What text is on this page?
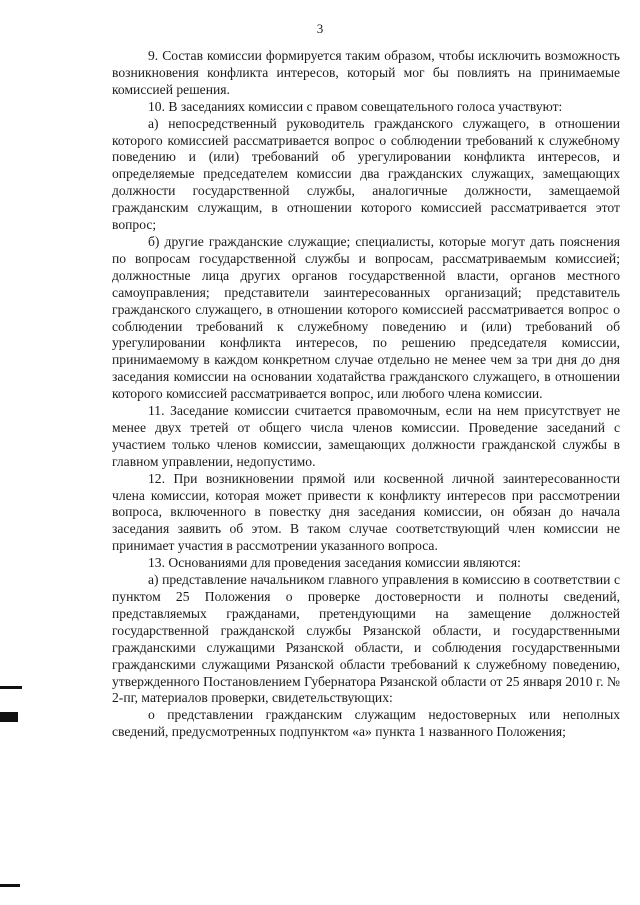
3

9. Состав комиссии формируется таким образом, чтобы исключить возможность возникновения конфликта интересов, который мог бы повлиять на принимаемые комиссией решения.

10. В заседаниях комиссии с правом совещательного голоса участвуют:

а) непосредственный руководитель гражданского служащего, в отношении которого комиссией рассматривается вопрос о соблюдении требований к служебному поведению и (или) требований об урегулировании конфликта интересов, и определяемые председателем комиссии два гражданских служащих, замещающих должности государственной службы, аналогичные должности, замещаемой гражданским служащим, в отношении которого комиссией рассматривается этот вопрос;

б) другие гражданские служащие; специалисты, которые могут дать пояснения по вопросам государственной службы и вопросам, рассматриваемым комиссией; должностные лица других органов государственной власти, органов местного самоуправления; представители заинтересованных организаций; представитель гражданского служащего, в отношении которого комиссией рассматривается вопрос о соблюдении требований к служебному поведению и (или) требований об урегулировании конфликта интересов, по решению председателя комиссии, принимаемому в каждом конкретном случае отдельно не менее чем за три дня до дня заседания комиссии на основании ходатайства гражданского служащего, в отношении которого комиссией рассматривается вопрос, или любого члена комиссии.

11. Заседание комиссии считается правомочным, если на нем присутствует не менее двух третей от общего числа членов комиссии. Проведение заседаний с участием только членов комиссии, замещающих должности гражданской службы в главном управлении, недопустимо.

12. При возникновении прямой или косвенной личной заинтересованности члена комиссии, которая может привести к конфликту интересов при рассмотрении вопроса, включенного в повестку дня заседания комиссии, он обязан до начала заседания заявить об этом. В таком случае соответствующий член комиссии не принимает участия в рассмотрении указанного вопроса.

13. Основаниями для проведения заседания комиссии являются:

а) представление начальником главного управления в комиссию в соответствии с пунктом 25 Положения о проверке достоверности и полноты сведений, представляемых гражданами, претендующими на замещение должностей государственной гражданской службы Рязанской области, и государственными гражданскими служащими Рязанской области, и соблюдения государственными гражданскими служащими Рязанской области требований к служебному поведению, утвержденного Постановлением Губернатора Рязанской области от 25 января 2010 г. № 2-пг, материалов проверки, свидетельствующих:

о представлении гражданским служащим недостоверных или неполных сведений, предусмотренных подпунктом «а» пункта 1 названного Положения;
